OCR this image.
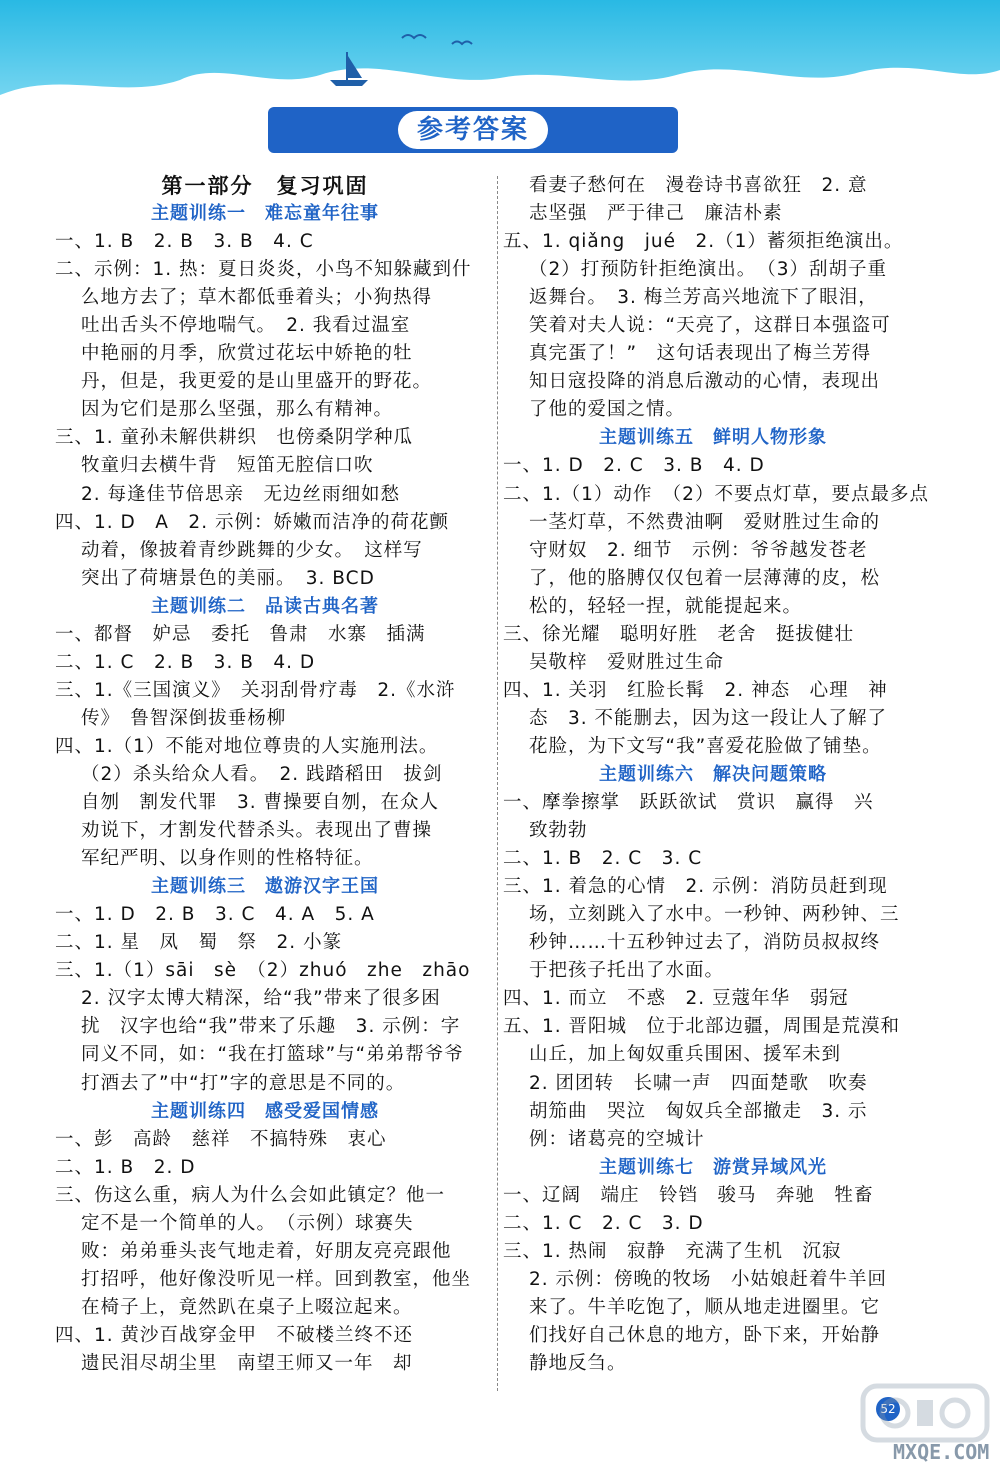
参考答案
第一部分　复习巩固
主题训练一　难忘童年往事
一、1. B　2. B　3. B　4. C
二、示例：1. 热：夏日炎炎，小鸟不知躲藏到什
么地方去了；草木都低垂着头；小狗热得
吐出舌头不停地喘气。　2. 我看过温室
中艳丽的月季，欣赏过花坛中娇艳的牡
丹，但是，我更爱的是山里盛开的野花。
因为它们是那么坚强，那么有精神。
三、1. 童孙未解供耕织　也傍桑阴学种瓜
牧童归去横牛背　短笛无腔信口吹
2. 每逢佳节倍思亲　无边丝雨细如愁
四、1. D　A　2. 示例：娇嫩而洁净的荷花颤
动着，像披着青纱跳舞的少女。　这样写
突出了荷塘景色的美丽。　3. BCD
主题训练二　品读古典名著
一、都督　妒忌　委托　鲁肃　水寨　插满
二、1. C　2. B　3. B　4. D
三、1.《三国演义》　关羽刮骨疗毒　2.《水浒
传》　鲁智深倒拔垂杨柳
四、1.（1）不能对地位尊贵的人实施刑法。
（2）杀头给众人看。　2. 践踏稻田　拔剑
自刎　割发代罪　3. 曹操要自刎，在众人
劝说下，才割发代替杀头。表现出了曹操
军纪严明、以身作则的性格特征。
主题训练三　遨游汉字王国
一、1. D　2. B　3. C　4. A　5. A
二、1. 星　凤　蜀　祭　2. 小篆
三、1.（1）sāi　sè　（2）zhuó　zhe　zhāo
2. 汉字太博大精深，给“我”带来了很多困
扰　汉字也给“我”带来了乐趣　3. 示例：字
同义不同，如：“我在打篮球”与“弟弟帮爷爷
打酒去了”中“打”字的意思是不同的。
主题训练四　感受爱国情感
一、彭　高龄　慈祥　不搞特殊　衷心
二、1. B　2. D
三、伤这么重，病人为什么会如此镇定？他一
定不是一个简单的人。　（示例）球赛失
败：弟弟垂头丧气地走着，好朋友亮亮跟他
打招呼，他好像没听见一样。回到教室，他坐
在椅子上，竟然趴在桌子上啜泣起来。
四、1. 黄沙百战穿金甲　不破楼兰终不还
遗民泪尽胡尘里　南望王师又一年　却
看妻子愁何在　漫卷诗书喜欲狂　2. 意
志坚强　严于律己　廉洁朴素
五、1. qiǎng　jué　2.（1）蓄须拒绝演出。
（2）打预防针拒绝演出。　（3）刮胡子重
返舞台。　3. 梅兰芳高兴地流下了眼泪，
笑着对夫人说：“天亮了，这群日本强盗可
真完蛋了！”　这句话表现出了梅兰芳得
知日寇投降的消息后激动的心情，表现出
了他的爱国之情。
主题训练五　鲜明人物形象
一、1. D　2. C　3. B　4. D
二、1.（1）动作　（2）不要点灯草，要点最多点
一茎灯草，不然费油啊　爱财胜过生命的
守财奴　2. 细节　示例：爷爷越发苍老
了，他的胳膊仅仅包着一层薄薄的皮，松
松的，轻轻一捏，就能提起来。
三、徐光耀　聪明好胜　老舍　挺拔健壮
吴敬梓　爱财胜过生命
四、1. 关羽　红脸长髯　2. 神态　心理　神
态　3. 不能删去，因为这一段让人了解了
花脸，为下文写“我”喜爱花脸做了铺垫。
主题训练六　解决问题策略
一、摩拳擦掌　跃跃欲试　赏识　赢得　兴
致勃勃
二、1. B　2. C　3. C
三、1. 着急的心情　2. 示例：消防员赶到现
场，立刻跳入了水中。一秒钟、两秒钟、三
秒钟……十五秒钟过去了，消防员叔叔终
于把孩子托出了水面。
四、1. 而立　不惑　2. 豆蔻年华　弱冠
五、1. 晋阳城　位于北部边疆，周围是荒漠和
山丘，加上匈奴重兵围困、援军未到
2. 团团转　长啸一声　四面楚歌　吹奏
胡笳曲　哭泣　匈奴兵全部撤走　3. 示
例：诸葛亮的空城计
主题训练七　游赏异域风光
一、辽阔　端庄　铃铛　骏马　奔驰　牲畜
二、1. C　2. C　3. D
三、1. 热闹　寂静　充满了生机　沉寂
2. 示例：傍晚的牧场　小姑娘赶着牛羊回
来了。牛羊吃饱了，顺从地走进圈里。它
们找好自己休息的地方，卧下来，开始静
静地反刍。
52
MXQE.COM
